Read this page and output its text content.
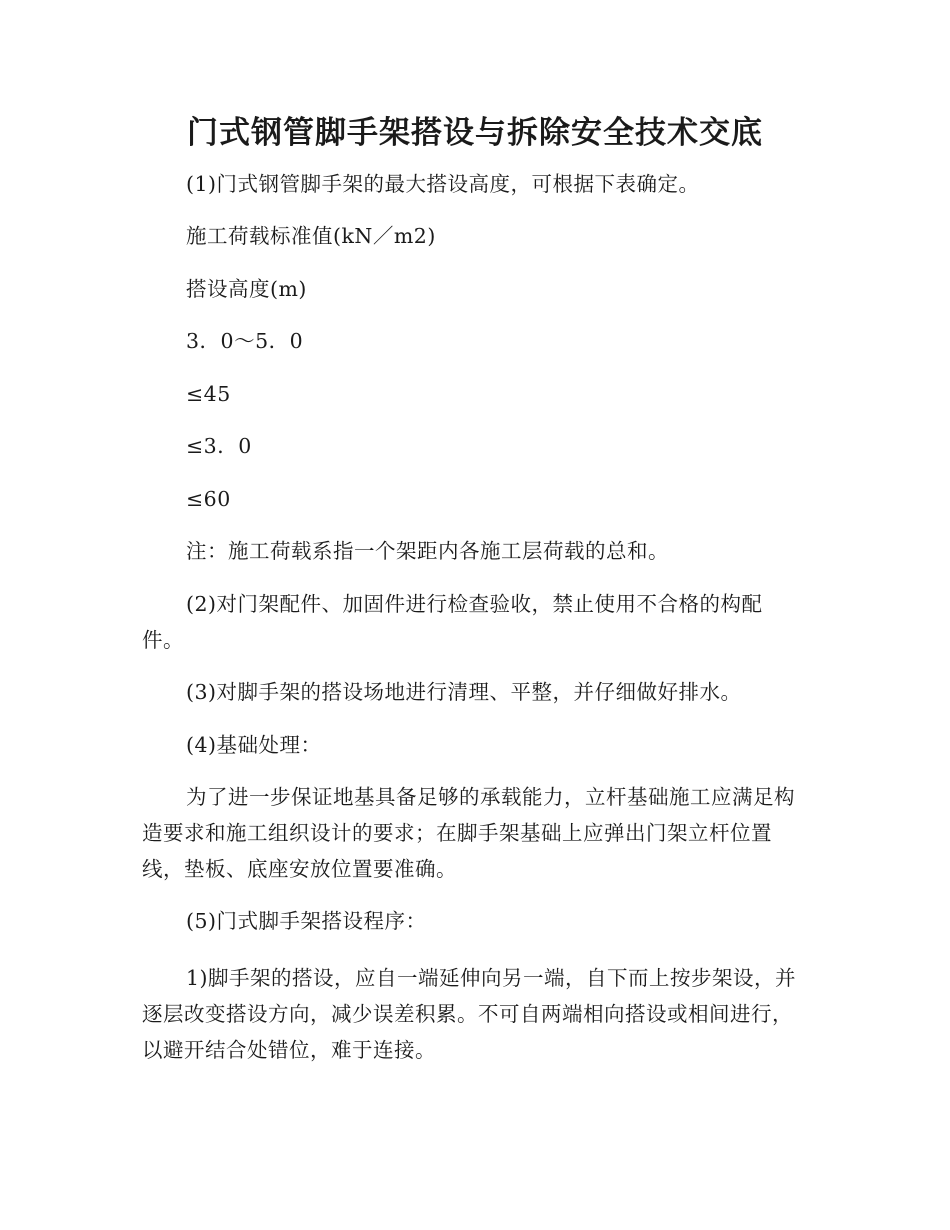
门式钢管脚手架搭设与拆除安全技术交底
(1)门式钢管脚手架的最大搭设高度，可根据下表确定。
施工荷载标准值(kN／m2)
搭设高度(m)
3．0～5．0
≤45
≤3．0
≤60
注：施工荷载系指一个架距内各施工层荷载的总和。
(2)对门架配件、加固件进行检查验收，禁止使用不合格的构配件。
(3)对脚手架的搭设场地进行清理、平整，并仔细做好排水。
(4)基础处理：
为了进一步保证地基具备足够的承载能力，立杆基础施工应满足构造要求和施工组织设计的要求；在脚手架基础上应弹出门架立杆位置线，垫板、底座安放位置要准确。
(5)门式脚手架搭设程序：
1)脚手架的搭设，应自一端延伸向另一端，自下而上按步架设，并逐层改变搭设方向，减少误差积累。不可自两端相向搭设或相间进行，以避开结合处错位，难于连接。
